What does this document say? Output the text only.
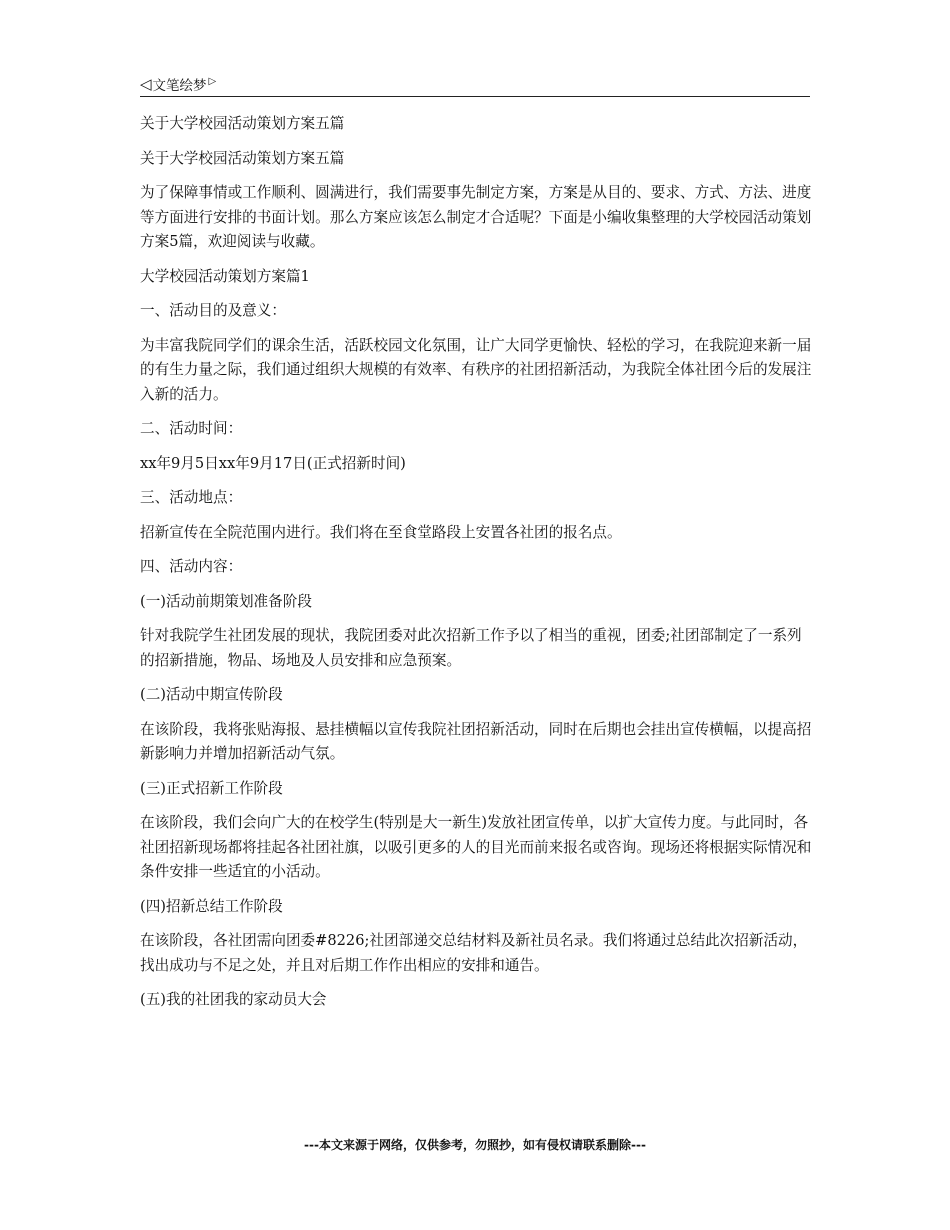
◁ 文笔绘梦 ▷

关于大学校园活动策划方案五篇

关于大学校园活动策划方案五篇

为了保障事情或工作顺利、圆满进行，我们需要事先制定方案，方案是从目的、要求、方式、方法、进度等方面进行安排的书面计划。那么方案应该怎么制定才合适呢？下面是小编收集整理的大学校园活动策划方案5篇，欢迎阅读与收藏。

大学校园活动策划方案篇1

一、活动目的及意义：

为丰富我院同学们的课余生活，活跃校园文化氛围，让广大同学更愉快、轻松的学习，在我院迎来新一届的有生力量之际，我们通过组织大规模的有效率、有秩序的社团招新活动，为我院全体社团今后的发展注入新的活力。

二、活动时间：

xx年9月5日xx年9月17日(正式招新时间)

三、活动地点：

招新宣传在全院范围内进行。我们将在至食堂路段上安置各社团的报名点。

四、活动内容：

(一)活动前期策划准备阶段

针对我院学生社团发展的现状，我院团委对此次招新工作予以了相当的重视，团委;社团部制定了一系列的招新措施，物品、场地及人员安排和应急预案。

(二)活动中期宣传阶段

在该阶段，我将张贴海报、悬挂横幅以宣传我院社团招新活动，同时在后期也会挂出宣传横幅，以提高招新影响力并增加招新活动气氛。

(三)正式招新工作阶段

在该阶段，我们会向广大的在校学生(特别是大一新生)发放社团宣传单，以扩大宣传力度。与此同时，各社团招新现场都将挂起各社团社旗，以吸引更多的人的目光而前来报名或咨询。现场还将根据实际情况和条件安排一些适宜的小活动。

(四)招新总结工作阶段

在该阶段，各社团需向团委#8226;社团部递交总结材料及新社员名录。我们将通过总结此次招新活动，找出成功与不足之处，并且对后期工作作出相应的安排和通告。

(五)我的社团我的家动员大会

---本文来源于网络，仅供参考，勿照抄，如有侵权请联系删除---
